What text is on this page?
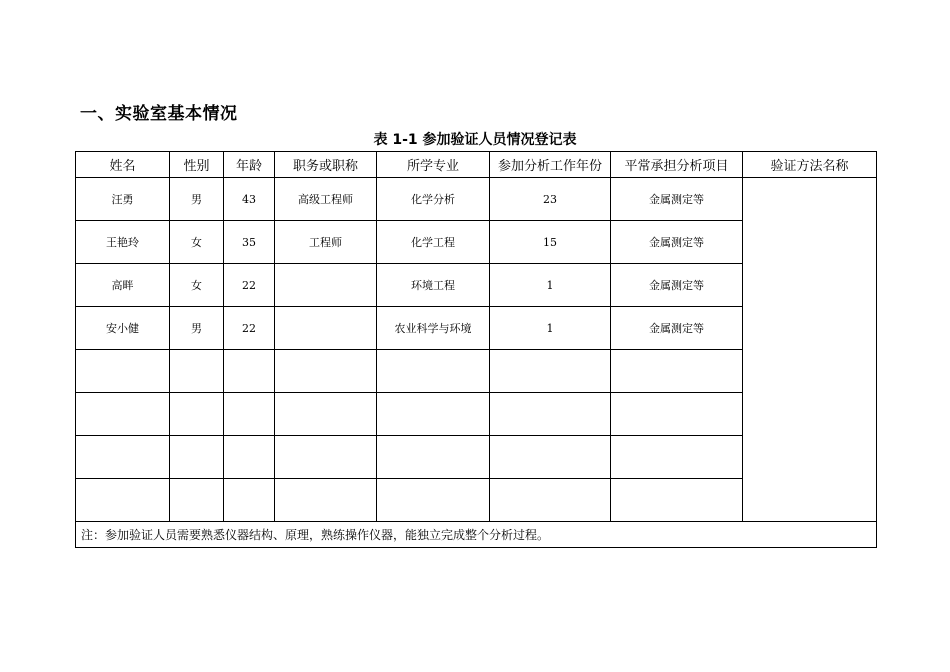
一、实验室基本情况
表 1-1 参加验证人员情况登记表
姓名	性别	年龄	职务或职称	所学专业	参加分析工作年份	平常承担分析项目	验证方法名称
汪勇	男	43	高级工程师	化学分析	23	金属测定等	
王艳玲	女	35	工程师	化学工程	15	金属测定等	
高畔	女	22		环境工程	1	金属测定等	
安小健	男	22		农业科学与环境	1	金属测定等	

注：参加验证人员需要熟悉仪器结构、原理，熟练操作仪器，能独立完成整个分析过程。							
